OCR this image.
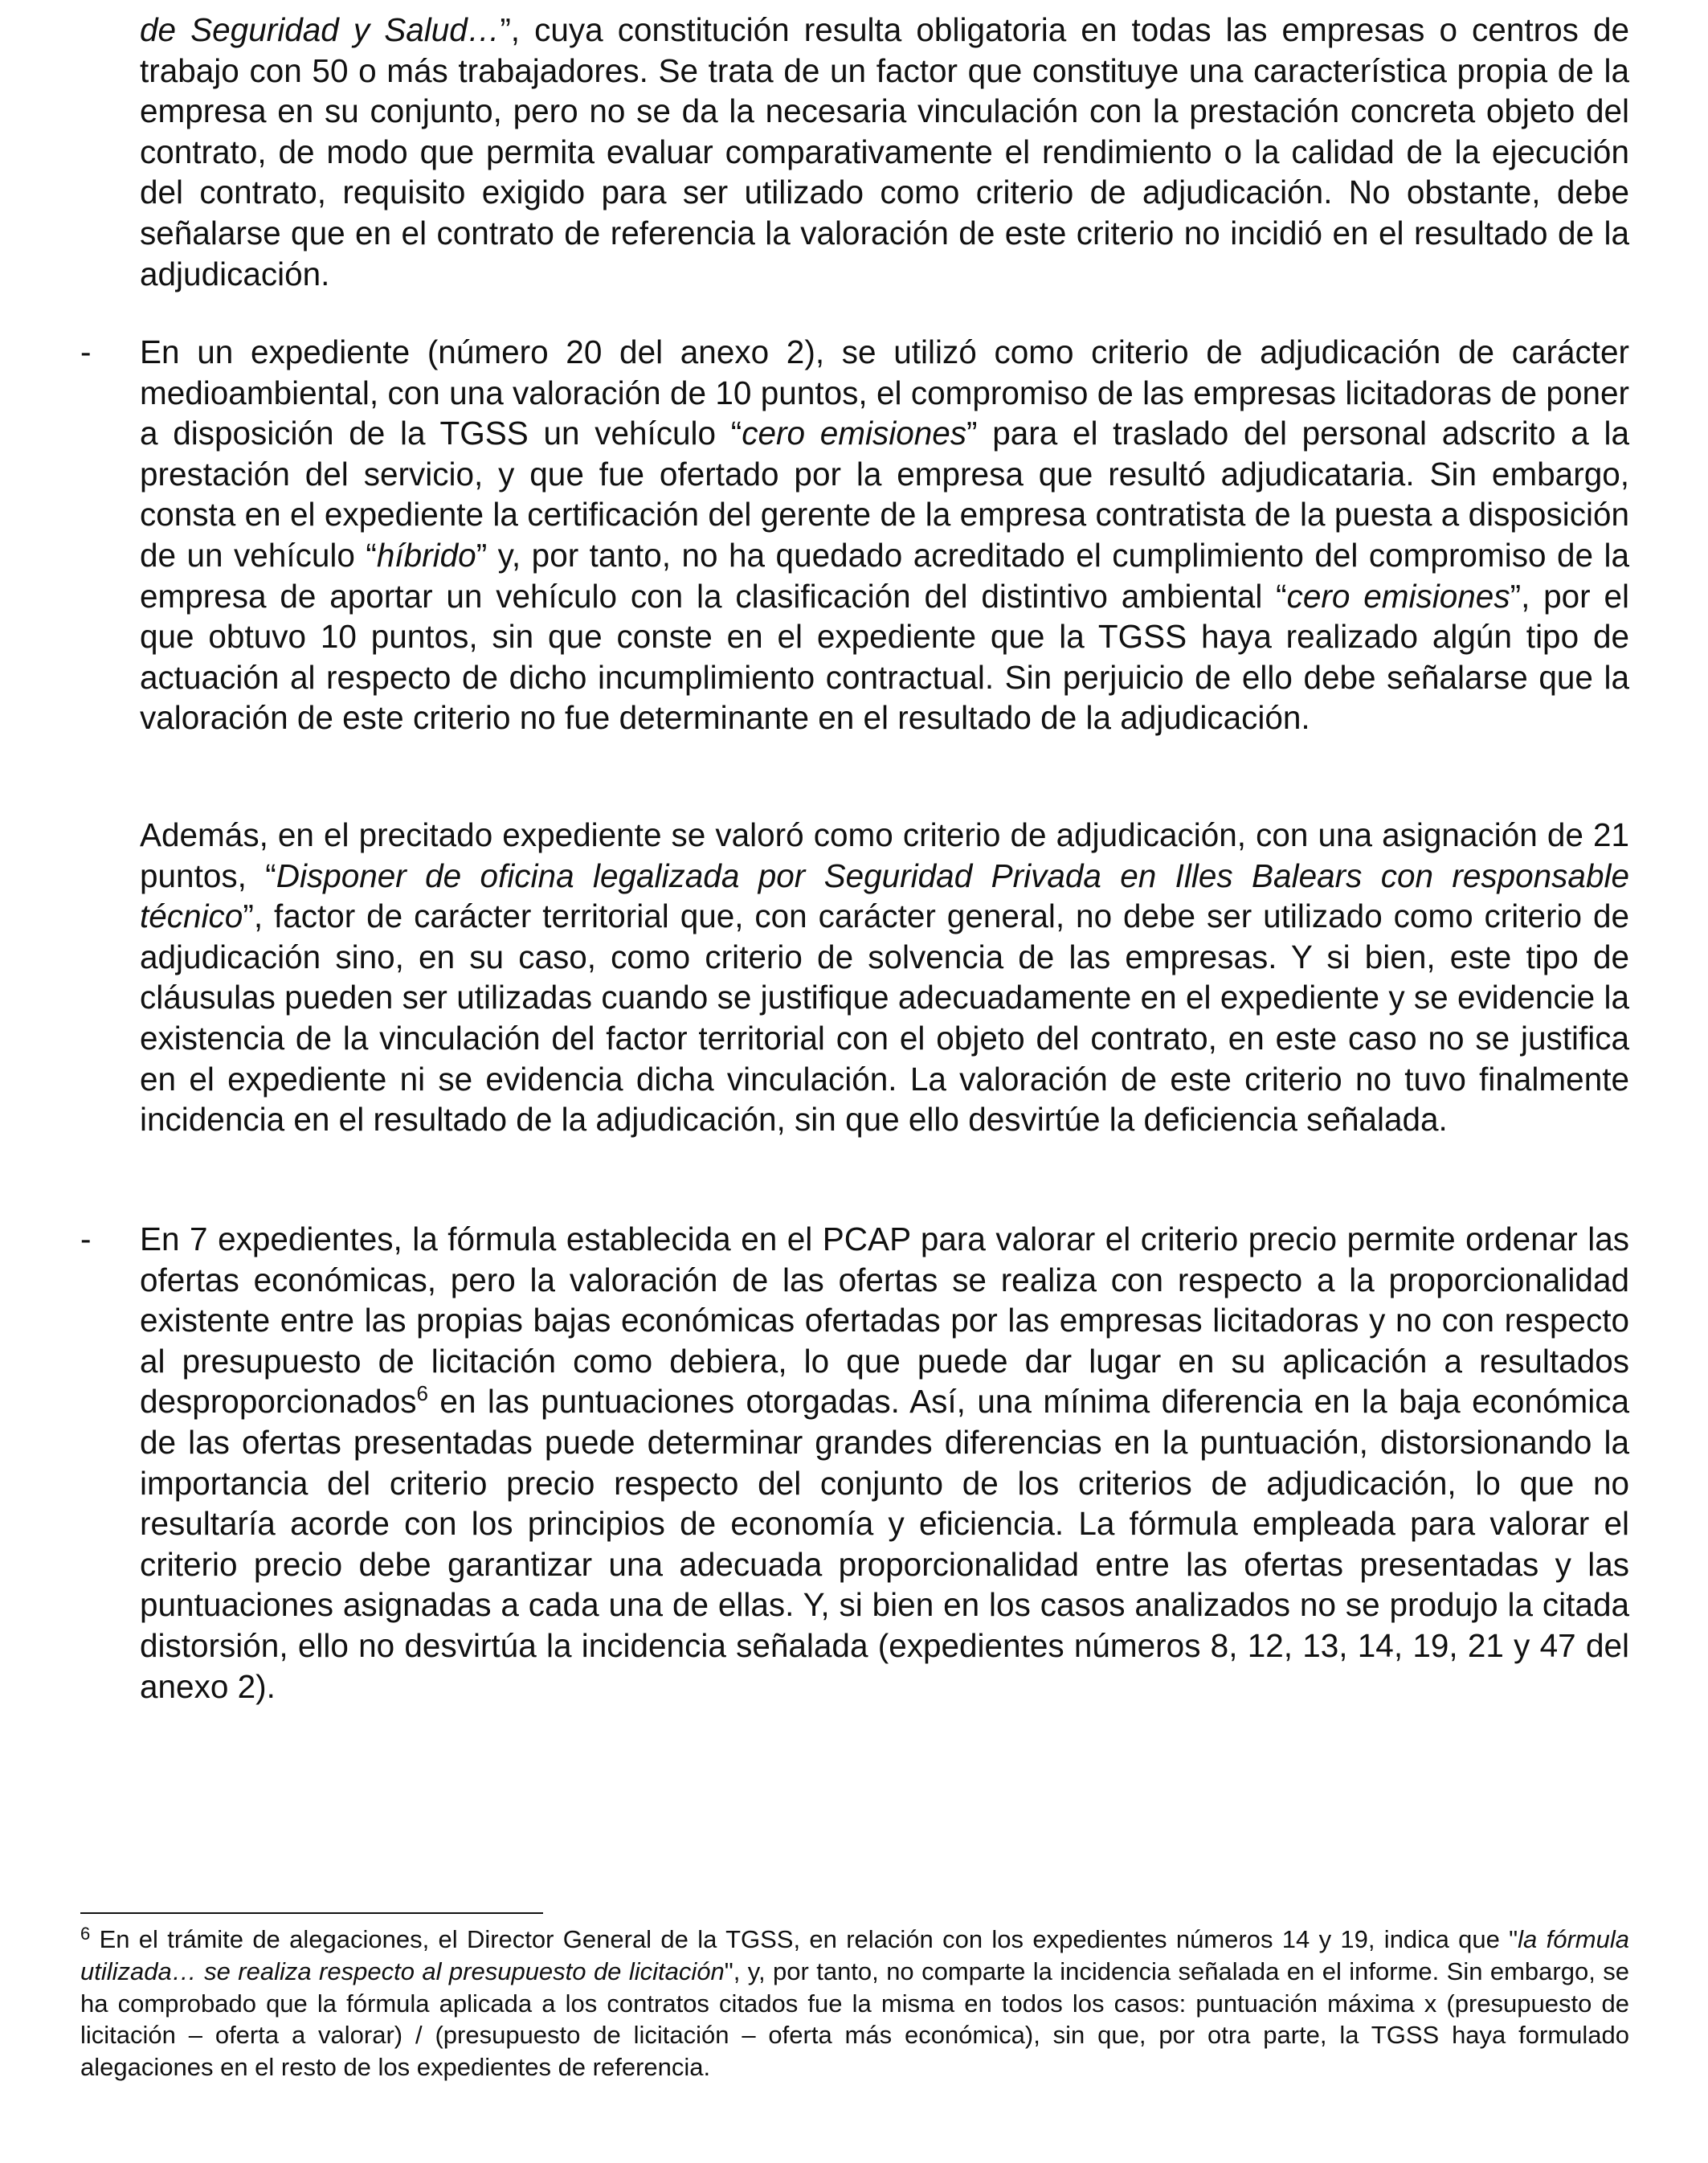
de Seguridad y Salud…”, cuya constitución resulta obligatoria en todas las empresas o centros de trabajo con 50 o más trabajadores. Se trata de un factor que constituye una característica propia de la empresa en su conjunto, pero no se da la necesaria vinculación con la prestación concreta objeto del contrato, de modo que permita evaluar comparativamente el rendimiento o la calidad de la ejecución del contrato, requisito exigido para ser utilizado como criterio de adjudicación. No obstante, debe señalarse que en el contrato de referencia la valoración de este criterio no incidió en el resultado de la adjudicación.

- En un expediente (número 20 del anexo 2), se utilizó como criterio de adjudicación de carácter medioambiental, con una valoración de 10 puntos, el compromiso de las empresas licitadoras de poner a disposición de la TGSS un vehículo “cero emisiones” para el traslado del personal adscrito a la prestación del servicio, y que fue ofertado por la empresa que resultó adjudicataria. Sin embargo, consta en el expediente la certificación del gerente de la empresa contratista de la puesta a disposición de un vehículo “híbrido” y, por tanto, no ha quedado acreditado el cumplimiento del compromiso de la empresa de aportar un vehículo con la clasificación del distintivo ambiental “cero emisiones”, por el que obtuvo 10 puntos, sin que conste en el expediente que la TGSS haya realizado algún tipo de actuación al respecto de dicho incumplimiento contractual. Sin perjuicio de ello debe señalarse que la valoración de este criterio no fue determinante en el resultado de la adjudicación.

Además, en el precitado expediente se valoró como criterio de adjudicación, con una asignación de 21 puntos, “Disponer de oficina legalizada por Seguridad Privada en Illes Balears con responsable técnico”, factor de carácter territorial que, con carácter general, no debe ser utilizado como criterio de adjudicación sino, en su caso, como criterio de solvencia de las empresas. Y si bien, este tipo de cláusulas pueden ser utilizadas cuando se justifique adecuadamente en el expediente y se evidencie la existencia de la vinculación del factor territorial con el objeto del contrato, en este caso no se justifica en el expediente ni se evidencia dicha vinculación. La valoración de este criterio no tuvo finalmente incidencia en el resultado de la adjudicación, sin que ello desvirtúe la deficiencia señalada.

- En 7 expedientes, la fórmula establecida en el PCAP para valorar el criterio precio permite ordenar las ofertas económicas, pero la valoración de las ofertas se realiza con respecto a la proporcionalidad existente entre las propias bajas económicas ofertadas por las empresas licitadoras y no con respecto al presupuesto de licitación como debiera, lo que puede dar lugar en su aplicación a resultados desproporcionados$^6$ en las puntuaciones otorgadas. Así, una mínima diferencia en la baja económica de las ofertas presentadas puede determinar grandes diferencias en la puntuación, distorsionando la importancia del criterio precio respecto del conjunto de los criterios de adjudicación, lo que no resultaría acorde con los principios de economía y eficiencia. La fórmula empleada para valorar el criterio precio debe garantizar una adecuada proporcionalidad entre las ofertas presentadas y las puntuaciones asignadas a cada una de ellas. Y, si bien en los casos analizados no se produjo la citada distorsión, ello no desvirtúa la incidencia señalada (expedientes números 8, 12, 13, 14, 19, 21 y 47 del anexo 2).

$^6$ En el trámite de alegaciones, el Director General de la TGSS, en relación con los expedientes números 14 y 19, indica que "la fórmula utilizada… se realiza respecto al presupuesto de licitación", y, por tanto, no comparte la incidencia señalada en el informe. Sin embargo, se ha comprobado que la fórmula aplicada a los contratos citados fue la misma en todos los casos: puntuación máxima x (presupuesto de licitación – oferta a valorar) / (presupuesto de licitación – oferta más económica), sin que, por otra parte, la TGSS haya formulado alegaciones en el resto de los expedientes de referencia.
